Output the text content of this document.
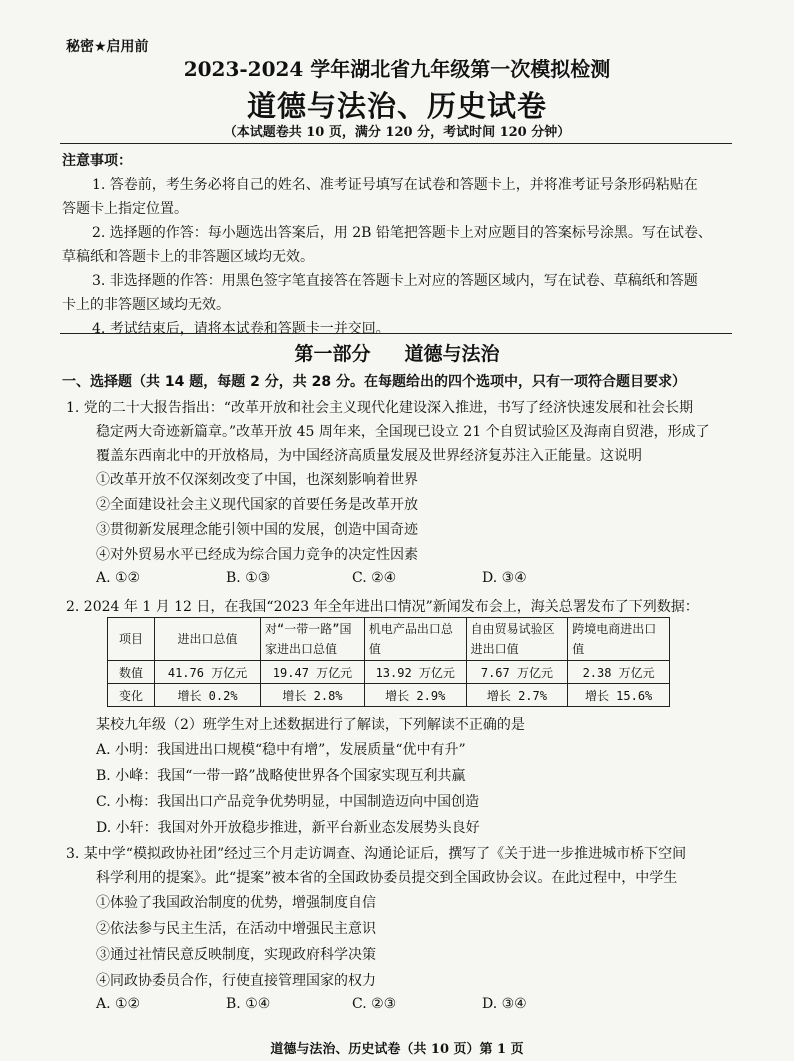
秘密★启用前
2023-2024 学年湖北省九年级第一次模拟检测
道德与法治、历史试卷
（本试题卷共 10 页，满分 120 分，考试时间 120 分钟）
注意事项：
1. 答卷前，考生务必将自己的姓名、准考证号填写在试卷和答题卡上，并将准考证号条形码粘贴在
答题卡上指定位置。
2. 选择题的作答：每小题选出答案后，用 2B 铅笔把答题卡上对应题目的答案标号涂黑。写在试卷、
草稿纸和答题卡上的非答题区域均无效。
3. 非选择题的作答：用黑色签字笔直接答在答题卡上对应的答题区域内，写在试卷、草稿纸和答题
卡上的非答题区域均无效。
4. 考试结束后，请将本试卷和答题卡一并交回。
第一部分 道德与法治
一、选择题（共 14 题，每题 2 分，共 28 分。在每题给出的四个选项中，只有一项符合题目要求）
1. 党的二十大报告指出：“改革开放和社会主义现代化建设深入推进，书写了经济快速发展和社会长期
稳定两大奇迹新篇章。”改革开放 45 周年来，全国现已设立 21 个自贸试验区及海南自贸港，形成了
覆盖东西南北中的开放格局，为中国经济高质量发展及世界经济复苏注入正能量。这说明
①改革开放不仅深刻改变了中国，也深刻影响着世界
②全面建设社会主义现代国家的首要任务是改革开放
③贯彻新发展理念能引领中国的发展，创造中国奇迹
④对外贸易水平已经成为综合国力竞争的决定性因素
A. ①②	B. ①③	C. ②④	D. ③④
2. 2024 年 1 月 12 日，在我国“2023 年全年进出口情况”新闻发布会上，海关总署发布了下列数据：
项目	进出口总值	对“一带一路”国家进出口总值	机电产品出口总值	自由贸易试验区进出口值	跨境电商进出口值
数值	41.76 万亿元	19.47 万亿元	13.92 万亿元	7.67 万亿元	2.38 万亿元
变化	增长 0.2%	增长 2.8%	增长 2.9%	增长 2.7%	增长 15.6%
某校九年级（2）班学生对上述数据进行了解读，下列解读不正确的是
A. 小明：我国进出口规模“稳中有增”，发展质量“优中有升”
B. 小峰：我国“一带一路”战略使世界各个国家实现互利共赢
C. 小梅：我国出口产品竞争优势明显，中国制造迈向中国创造
D. 小轩：我国对外开放稳步推进，新平台新业态发展势头良好
3. 某中学“模拟政协社团”经过三个月走访调查、沟通论证后，撰写了《关于进一步推进城市桥下空间
科学利用的提案》。此“提案”被本省的全国政协委员提交到全国政协会议。在此过程中，中学生
①体验了我国政治制度的优势，增强制度自信
②依法参与民主生活，在活动中增强民主意识
③通过社情民意反映制度，实现政府科学决策
④同政协委员合作，行使直接管理国家的权力
A. ①②	B. ①④	C. ②③	D. ③④
道德与法治、历史试卷（共 10 页）第 1 页
